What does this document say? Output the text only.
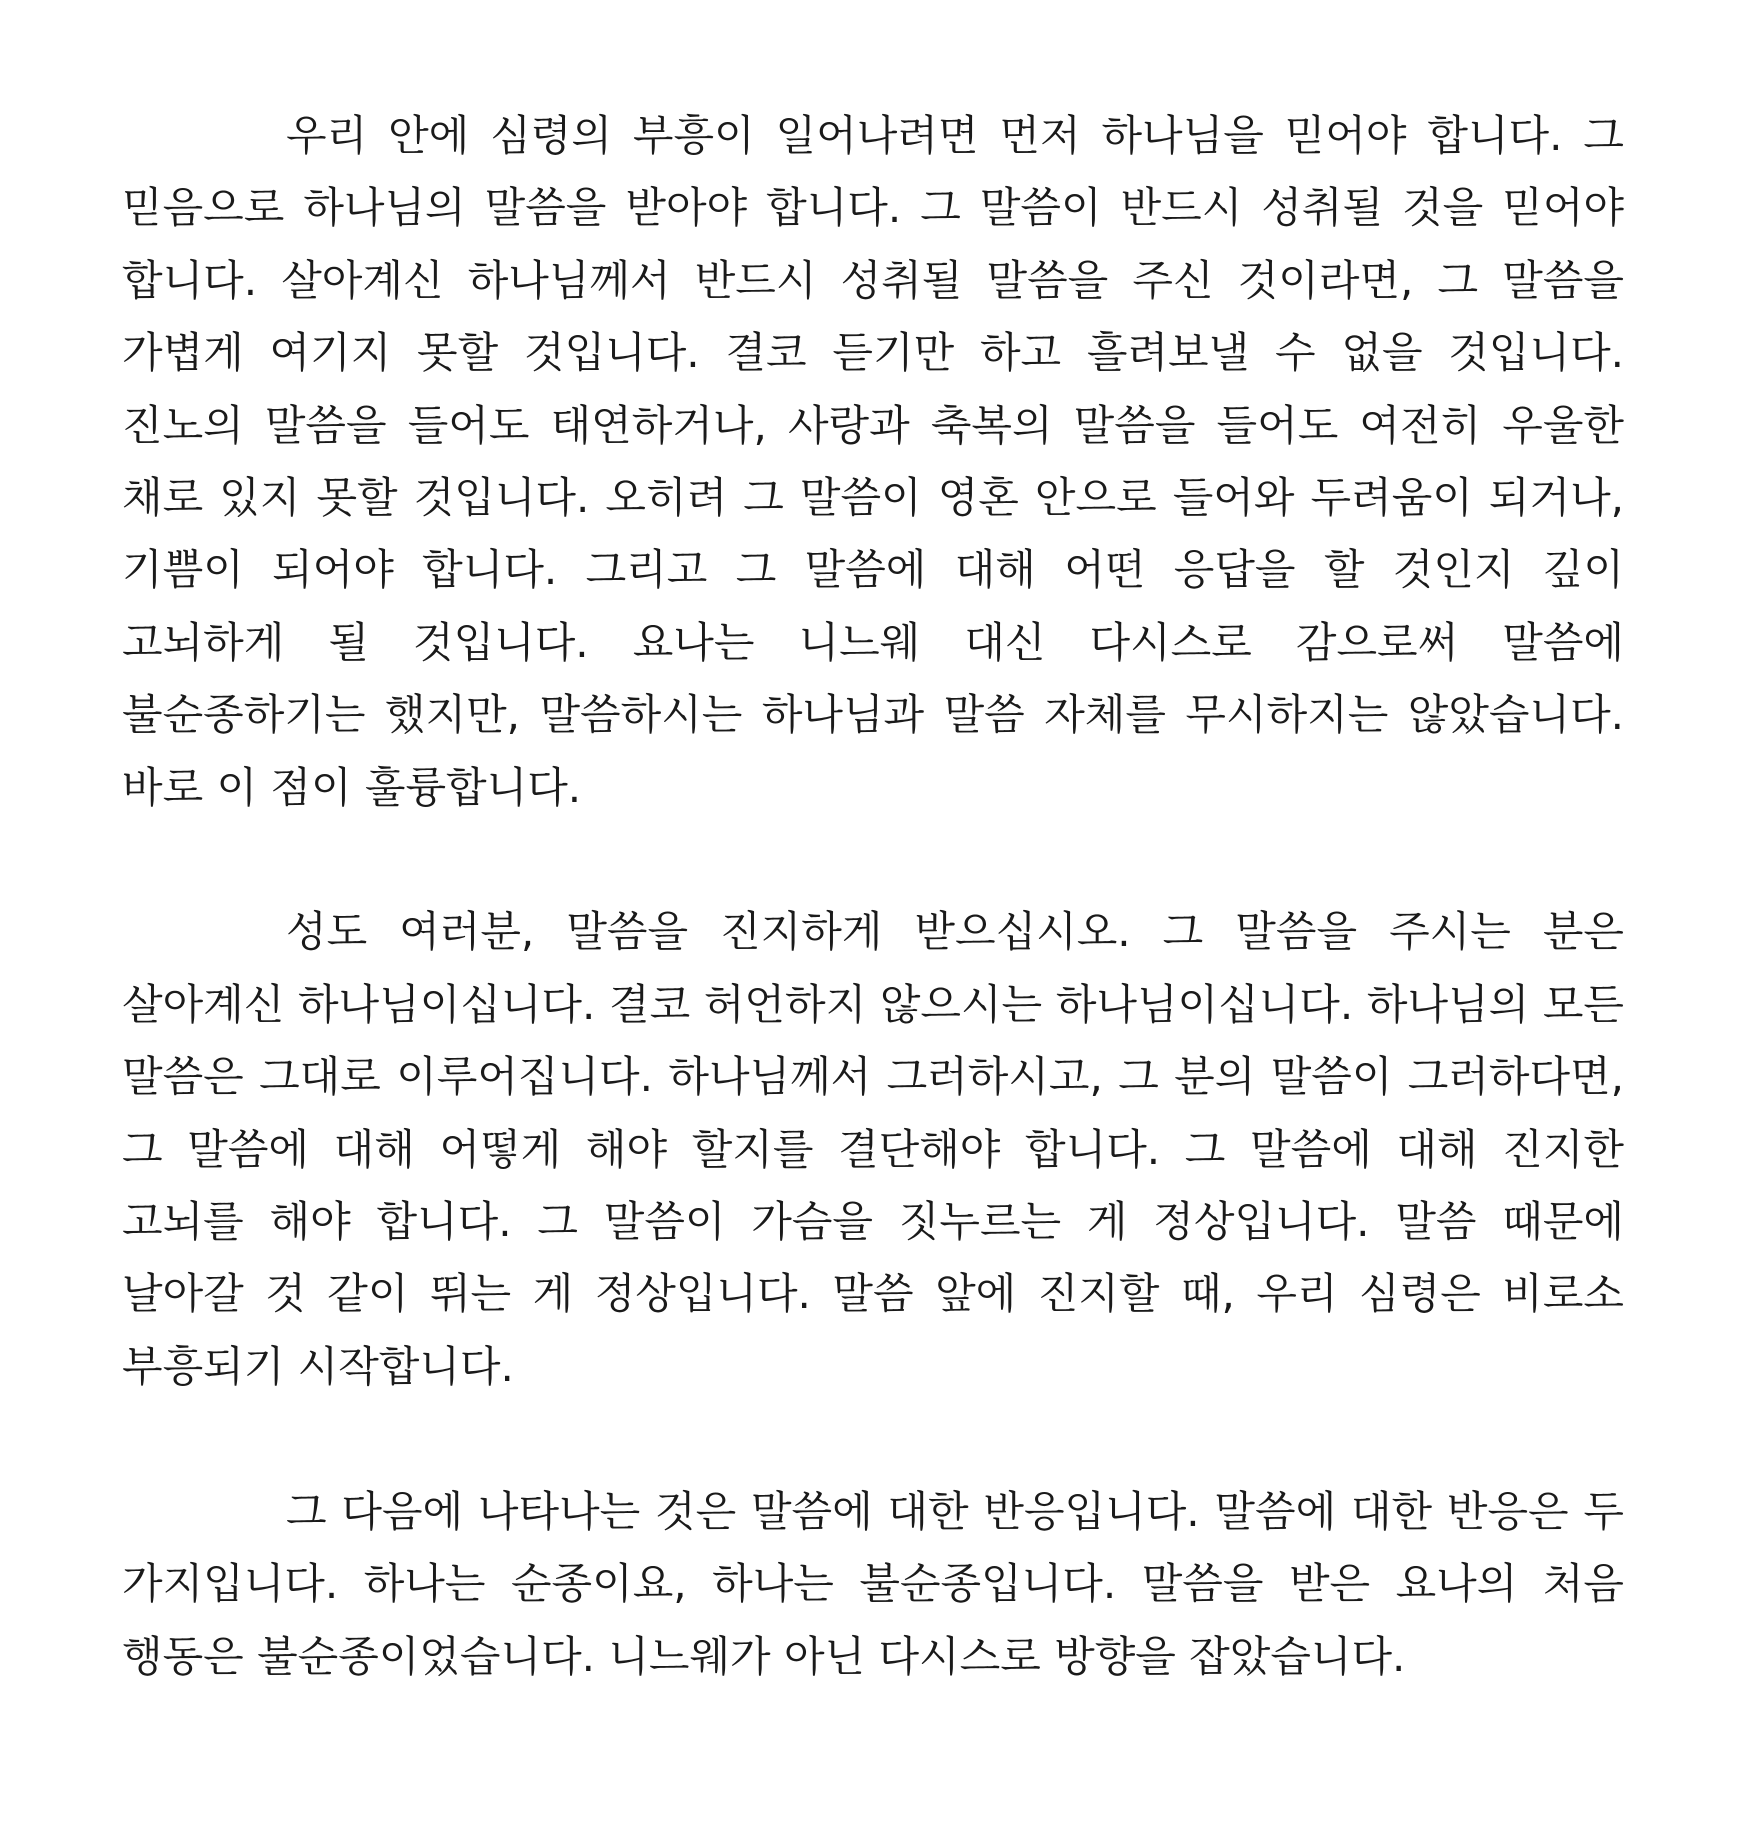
우리 안에 심령의 부흥이 일어나려면 먼저 하나님을 믿어야 합니다. 그 믿음으로 하나님의 말씀을 받아야 합니다. 그 말씀이 반드시 성취될 것을 믿어야 합니다. 살아계신 하나님께서 반드시 성취될 말씀을 주신 것이라면, 그 말씀을 가볍게 여기지 못할 것입니다. 결코 듣기만 하고 흘려보낼 수 없을 것입니다. 진노의 말씀을 들어도 태연하거나, 사랑과 축복의 말씀을 들어도 여전히 우울한 채로 있지 못할 것입니다. 오히려 그 말씀이 영혼 안으로 들어와 두려움이 되거나, 기쁨이 되어야 합니다. 그리고 그 말씀에 대해 어떤 응답을 할 것인지 깊이 고뇌하게 될 것입니다. 요나는 니느웨 대신 다시스로 감으로써 말씀에 불순종하기는 했지만, 말씀하시는 하나님과 말씀 자체를 무시하지는 않았습니다. 바로 이 점이 훌륭합니다.

성도 여러분, 말씀을 진지하게 받으십시오. 그 말씀을 주시는 분은 살아계신 하나님이십니다. 결코 허언하지 않으시는 하나님이십니다. 하나님의 모든 말씀은 그대로 이루어집니다. 하나님께서 그러하시고, 그 분의 말씀이 그러하다면, 그 말씀에 대해 어떻게 해야 할지를 결단해야 합니다. 그 말씀에 대해 진지한 고뇌를 해야 합니다. 그 말씀이 가슴을 짓누르는 게 정상입니다. 말씀 때문에 날아갈 것 같이 뛰는 게 정상입니다. 말씀 앞에 진지할 때, 우리 심령은 비로소 부흥되기 시작합니다.

그 다음에 나타나는 것은 말씀에 대한 반응입니다. 말씀에 대한 반응은 두 가지입니다. 하나는 순종이요, 하나는 불순종입니다. 말씀을 받은 요나의 처음 행동은 불순종이었습니다. 니느웨가 아닌 다시스로 방향을 잡았습니다.
